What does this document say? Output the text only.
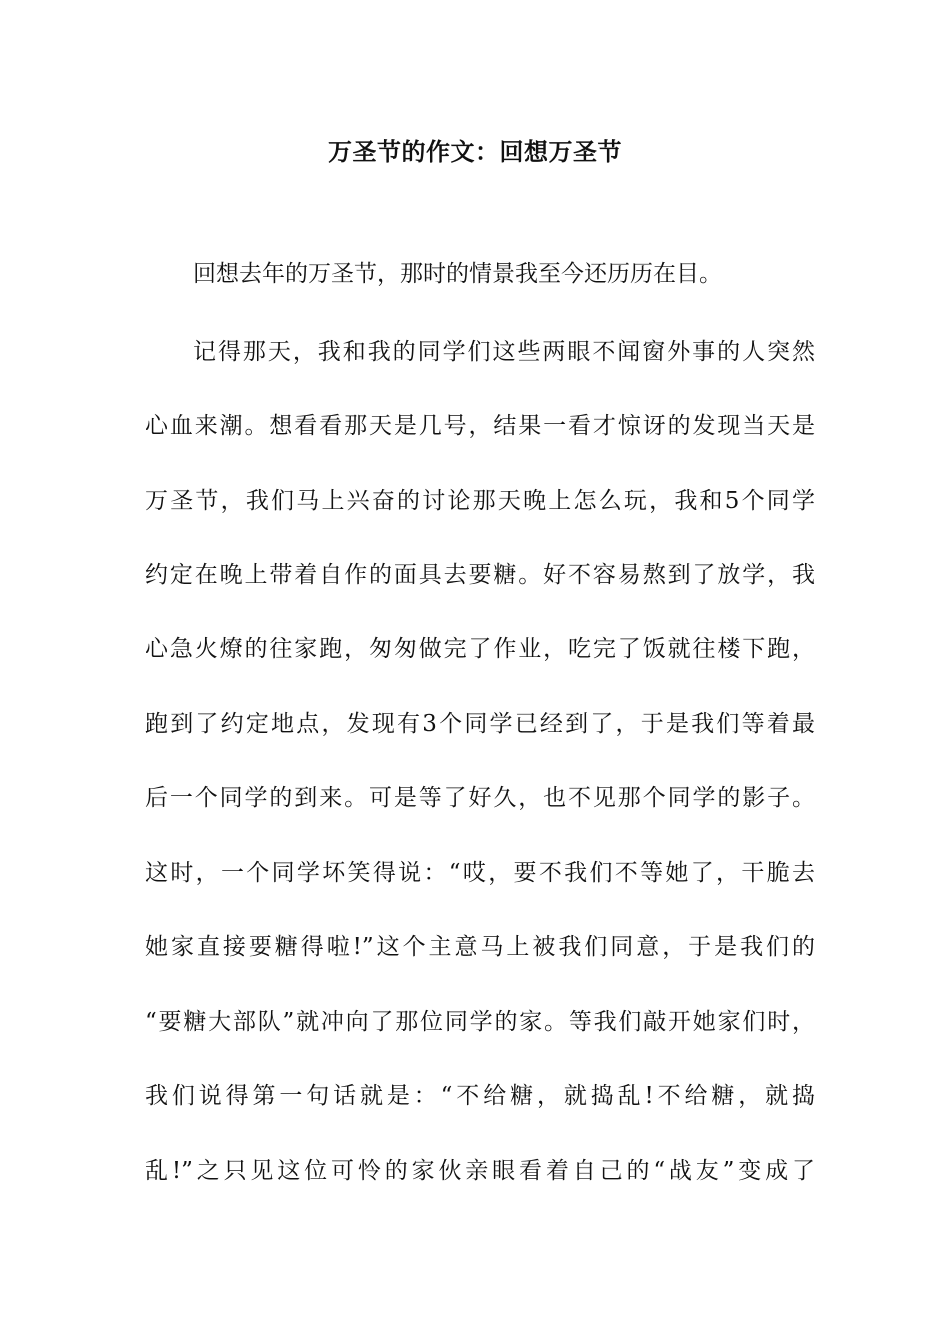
万圣节的作文：回想万圣节
回想去年的万圣节，那时的情景我至今还历历在目。
记得那天，我和我的同学们这些两眼不闻窗外事的人突然
心血来潮。想看看那天是几号，结果一看才惊讶的发现当天是
万圣节，我们马上兴奋的讨论那天晚上怎么玩，我和5个同学
约定在晚上带着自作的面具去要糖。好不容易熬到了放学，我
心急火燎的往家跑，匆匆做完了作业，吃完了饭就往楼下跑，
跑到了约定地点，发现有3个同学已经到了，于是我们等着最
后一个同学的到来。可是等了好久，也不见那个同学的影子。
这时，一个同学坏笑得说：“哎，要不我们不等她了，干脆去
她家直接要糖得啦!”这个主意马上被我们同意，于是我们的
“要糖大部队”就冲向了那位同学的家。等我们敲开她家们时，
我们说得第一句话就是：“不给糖，就捣乱!不给糖，就捣
乱!”之只见这位可怜的家伙亲眼看着自己的“战友”变成了
